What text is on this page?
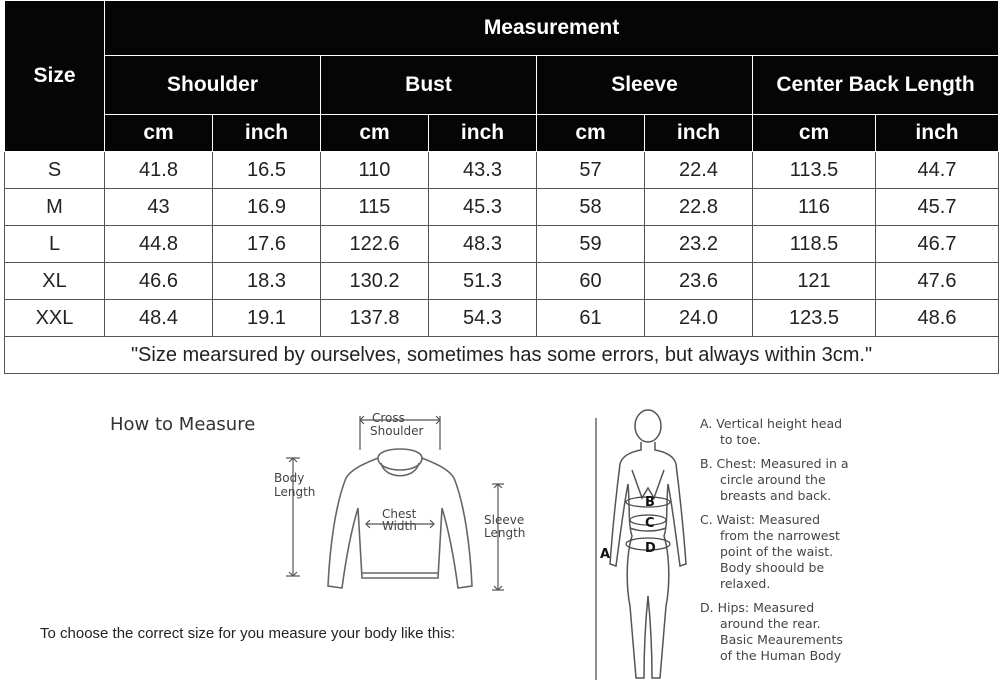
Size	Measurement							
	Shoulder		Bust		Sleeve		Center Back Length	
	cm	inch	cm	inch	cm	inch	cm	inch
S	41.8	16.5	110	43.3	57	22.4	113.5	44.7
M	43	16.9	115	45.3	58	22.8	116	45.7
L	44.8	17.6	122.6	48.3	59	23.2	118.5	46.7
XL	46.6	18.3	130.2	51.3	60	23.6	121	47.6
XXL	48.4	19.1	137.8	54.3	61	24.0	123.5	48.6
"Size mearsured by ourselves, sometimes has some errors, but always within 3cm."								
How to Measure	Cross
Shoulder
Body
Length
Chest
Width	Sleeve
Length
To choose the correct size for you measure your body like this:
A
B
C
D
A. Vertical height head
to toe.
B. Chest: Measured in a
circle around the
breasts and back.
C. Waist: Measured
from the narrowest
point of the waist.
Body shoould be
relaxed.
D. Hips: Measured
around the rear.
Basic Meaurements
of the Human Body
